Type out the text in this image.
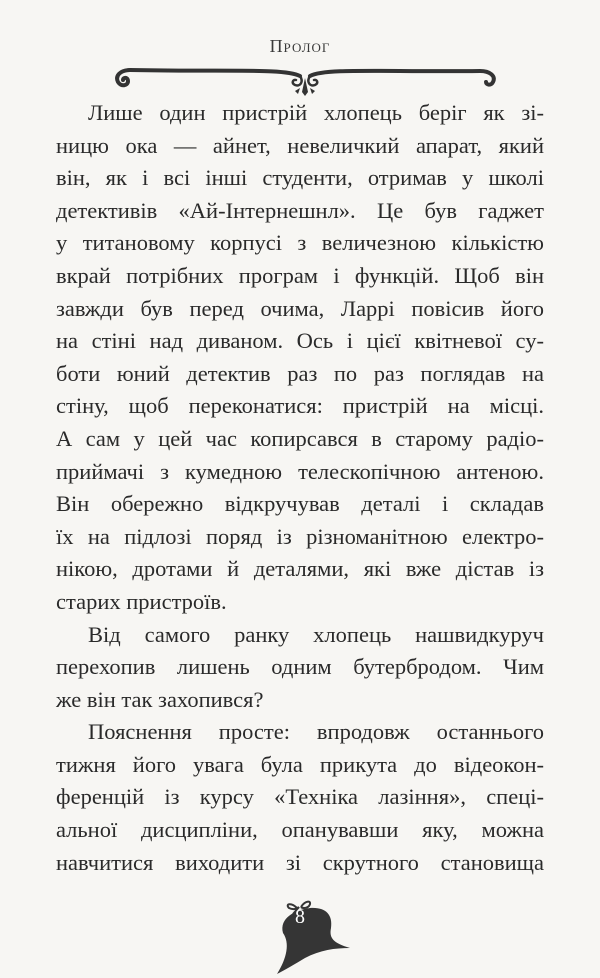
Пролог
Лише один пристрій хлопець беріг як зі-
ницю ока — айнет, невеличкий апарат, який
він, як і всі інші студенти, отримав у школі
детективів «Ай-Інтернешнл». Це був гаджет
у титановому корпусі з величезною кількістю
вкрай потрібних програм і функцій. Щоб він
завжди був перед очима, Ларрі повісив його
на стіні над диваном. Ось і цієї квітневої су-
боти юний детектив раз по раз поглядав на
стіну, щоб переконатися: пристрій на місці.
А сам у цей час копирсався в старому радіо-
приймачі з кумедною телескопічною антеною.
Він обережно відкручував деталі і складав
їх на підлозі поряд із різноманітною електро-
нікою, дротами й деталями, які вже дістав із
старих пристроїв.
Від самого ранку хлопець нашвидкуруч
перехопив лишень одним бутербродом. Чим
же він так захопився?
Пояснення просте: впродовж останнього
тижня його увага була прикута до відеокон-
ференцій із курсу «Техніка лазіння», спеці-
альної дисципліни, опанувавши яку, можна
навчитися виходити зі скрутного становища
8
